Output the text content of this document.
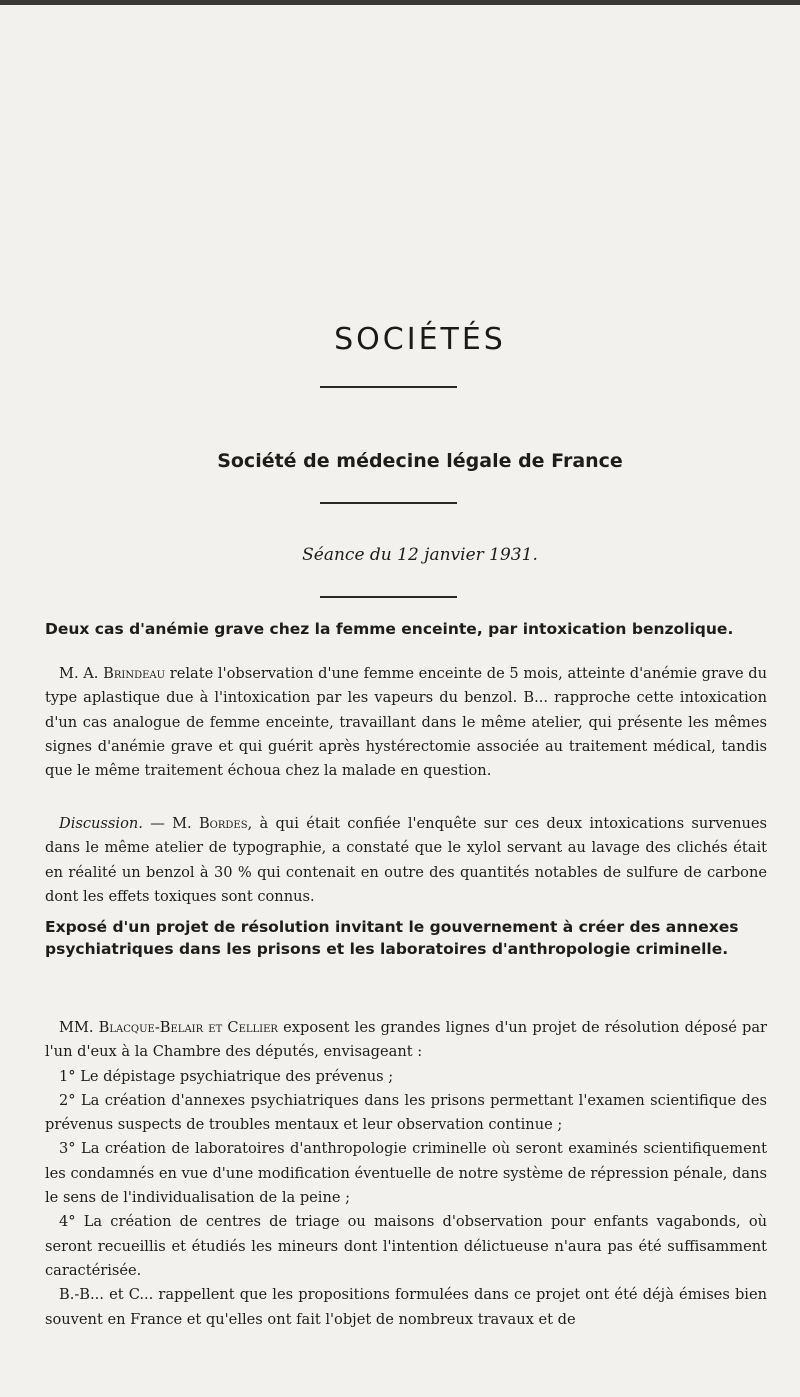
SOCIÉTÉS
Société de médecine légale de France
Séance du 12 janvier 1931.
Deux cas d'anémie grave chez la femme enceinte, par intoxication benzolique.
M. A. Brindeau relate l'observation d'une femme enceinte de 5 mois, atteinte d'anémie grave du type aplastique due à l'intoxication par les vapeurs du benzol. B... rapproche cette intoxication d'un cas analogue de femme enceinte, travaillant dans le même atelier, qui présente les mêmes signes d'anémie grave et qui guérit après hystérectomie associée au traitement médical, tandis que le même traitement échoua chez la malade en question.
Discussion. — M. Bordes, à qui était confiée l'enquête sur ces deux intoxications survenues dans le même atelier de typographie, a constaté que le xylol servant au lavage des clichés était en réalité un benzol à 30 % qui contenait en outre des quantités notables de sulfure de carbone dont les effets toxiques sont connus.
Exposé d'un projet de résolution invitant le gouvernement à créer des annexes psychiatriques dans les prisons et les laboratoires d'anthropologie criminelle.
MM. Blacque-Belair et Cellier exposent les grandes lignes d'un projet de résolution déposé par l'un d'eux à la Chambre des députés, envisageant :
1° Le dépistage psychiatrique des prévenus ;
2° La création d'annexes psychiatriques dans les prisons permettant l'examen scientifique des prévenus suspects de troubles mentaux et leur observation continue ;
3° La création de laboratoires d'anthropologie criminelle où seront examinés scientifiquement les condamnés en vue d'une modification éventuelle de notre système de répression pénale, dans le sens de l'individualisation de la peine ;
4° La création de centres de triage ou maisons d'observation pour enfants vagabonds, où seront recueillis et étudiés les mineurs dont l'intention délictueuse n'aura pas été suffisamment caractérisée.
B.-B... et C... rappellent que les propositions formulées dans ce projet ont été déjà émises bien souvent en France et qu'elles ont fait l'objet de nombreux travaux et de
